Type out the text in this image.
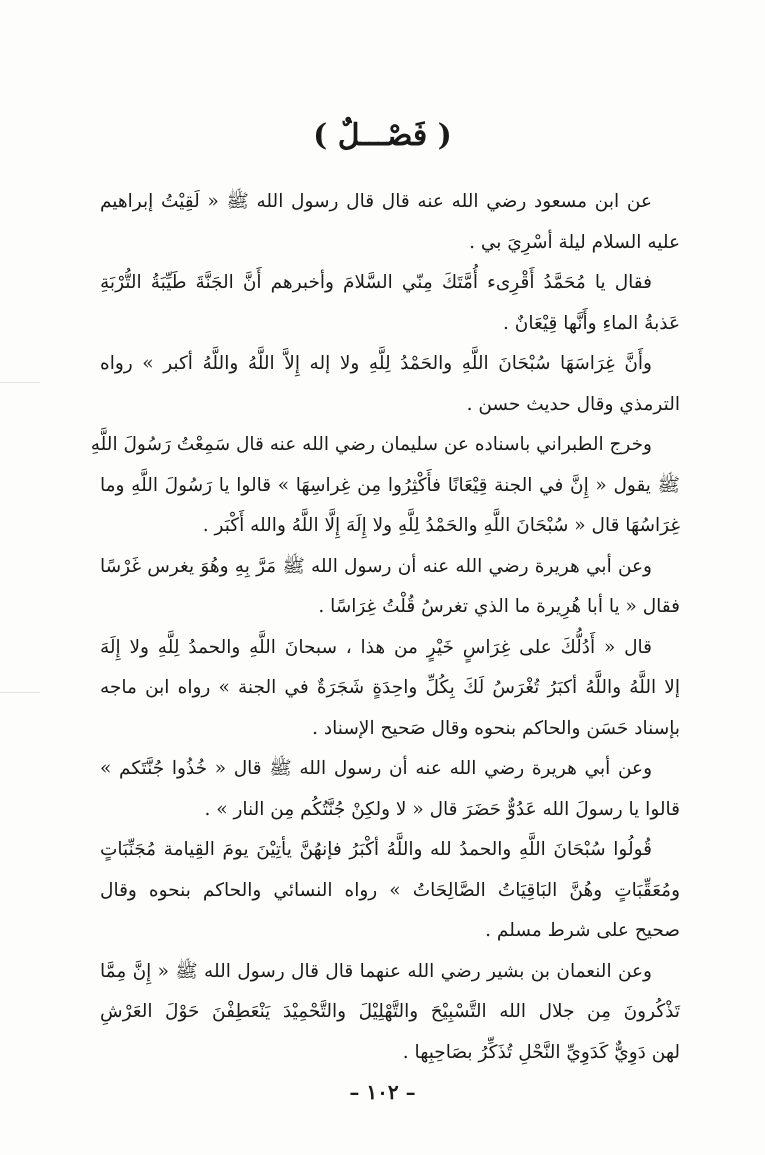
( فَصْـــلٌ )
عن ابن مسعود رضي الله عنه قال قال رسول الله ﷺ « لَقِيْتُ إبراهيم
عليه السلام ليلة أسْرِيَ بي .
فقال يا مُحَمَّدُ أَقْرِىء أُمَّتَكَ مِنّي السَّلامَ وأخبرهم أَنَّ الجَنَّةَ طَيِّبَةُ التُّرْبَةِ
عَذبةُ الماءِ وأَنَّها قِيْعَانٌ .
وأَنَّ غِرَاسَهَا سُبْحَانَ اللَّهِ والحَمْدُ لِلَّهِ ولا إله إِلاَّ اللَّهُ واللَّهُ أكبر » رواه
الترمذي وقال حديث حسن .
وخرج الطبراني باسناده عن سليمان رضي الله عنه قال سَمِعْتُ رَسُولَ اللَّهِ
ﷺ يقول « إِنَّ في الجنة قِيْعَانًا فأَكْثِرُوا مِن غِراسِهَا » قالوا يا رَسُولَ اللَّهِ وما
غِرَاسُهَا قال « سُبْحَانَ اللَّهِ والحَمْدُ لِلَّهِ ولا إِلَهَ إِلَّا اللَّهُ والله أَكْبَر .
وعن أبي هريرة رضي الله عنه أن رسول الله ﷺ مَرَّ بِهِ وهُوَ يغرس غَرْسًا
فقال « يا أبا هُرِيرة ما الذي تغرسُ قُلْتُ غِرَاسًا .
قال « أَدُلُّكَ على غِرَاسٍ خَيْرٍ من هذا ، سبحانَ اللَّهِ والحمدُ لِلَّهِ ولا إِلَهَ
إلا اللَّهُ واللَّهُ أكبَرُ تُغْرَسُ لَكَ بِكُلِّ واحِدَةٍ شَجَرَةٌ في الجنة » رواه ابن ماجه
بإسناد حَسَن والحاكم بنحوه وقال صَحيح الإسناد .
وعن أبي هريرة رضي الله عنه أن رسول الله ﷺ قال « خُذُوا جُنَّتَكم »
قالوا يا رسولَ الله عَدُوٌّ حَضَرَ قال « لا ولكِنْ جُنَّتُكُم مِن النار » .
قُولُوا سُبْحَانَ اللَّهِ والحمدُ لله واللَّهُ أكْبَرُ فإنهُنَّ يأتِيْنَ يومَ القِيامة مُجَنِّبَاتٍ
ومُعَقِّبَاتٍ وهُنَّ البَاقِيَاتُ الصَّالِحَاتُ » رواه النسائي والحاكم بنحوه وقال
صحيح على شرط مسلم .
وعن النعمان بن بشير رضي الله عنهما قال قال رسول الله ﷺ « إِنَّ مِمَّا
تَذْكُرونَ مِن جلال الله التَّسْبِيْحَ والتَّهْلِيْلَ والتَّحْمِيْدَ يَنْعَطِفْنَ حَوْلَ العَرْشِ
لهن دَوِيٌّ كَدَوِيِّ النَّحْلِ تُذَكِّرُ بصَاحِبِها .
– ١٠٢ –
